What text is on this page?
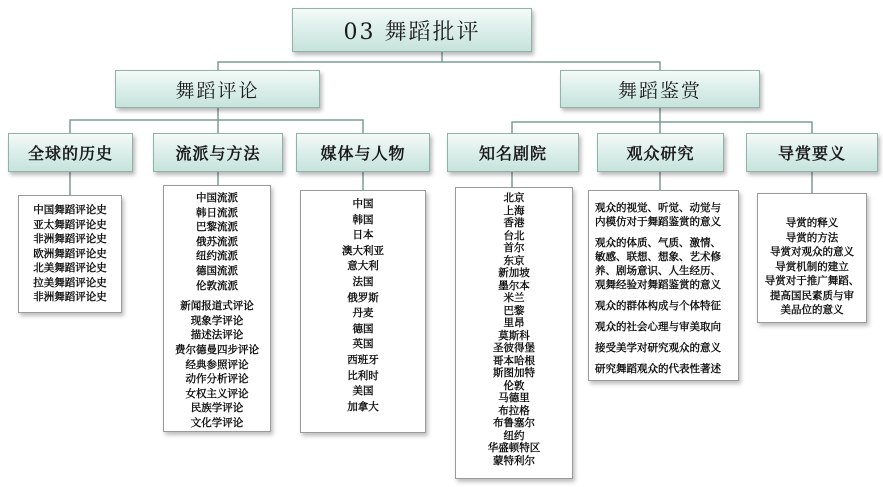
03 舞蹈批评
舞蹈评论	舞蹈鉴赏
全球的历史	流派与方法	媒体与人物	知名剧院	观众研究	导赏要义
中国舞蹈评论史
亚太舞蹈评论史
非洲舞蹈评论史
欧洲舞蹈评论史
北美舞蹈评论史
拉美舞蹈评论史
非洲舞蹈评论史
中国流派
韩日流派
巴黎流派
俄苏流派
纽约流派
德国流派
伦敦流派
新闻报道式评论
现象学评论
描述法评论
费尔德曼四步评论
经典参照评论
动作分析评论
女权主义评论
民族学评论
文化学评论
中国
韩国
日本
澳大利亚
意大利
法国
俄罗斯
丹麦
德国
英国
西班牙
比利时
美国
加拿大
北京
上海
香港
台北
首尔
东京
新加坡
墨尔本
米兰
巴黎
里昂
莫斯科
圣彼得堡
哥本哈根
斯图加特
伦敦
马德里
布拉格
布鲁塞尔
纽约
华盛顿特区
蒙特利尔
观众的视觉、听觉、动觉与
内模仿对于舞蹈鉴赏的意义
观众的体质、气质、激情、
敏感、联想、想象、艺术修
养、剧场意识、人生经历、
观舞经验对舞蹈鉴赏的意义
观众的群体构成与个体特征
观众的社会心理与审美取向
接受美学对研究观众的意义
研究舞蹈观众的代表性著述
导赏的释义
导赏的方法
导赏对观众的意义
导赏机制的建立
导赏对于推广舞蹈、
提高国民素质与审
美品位的意义
